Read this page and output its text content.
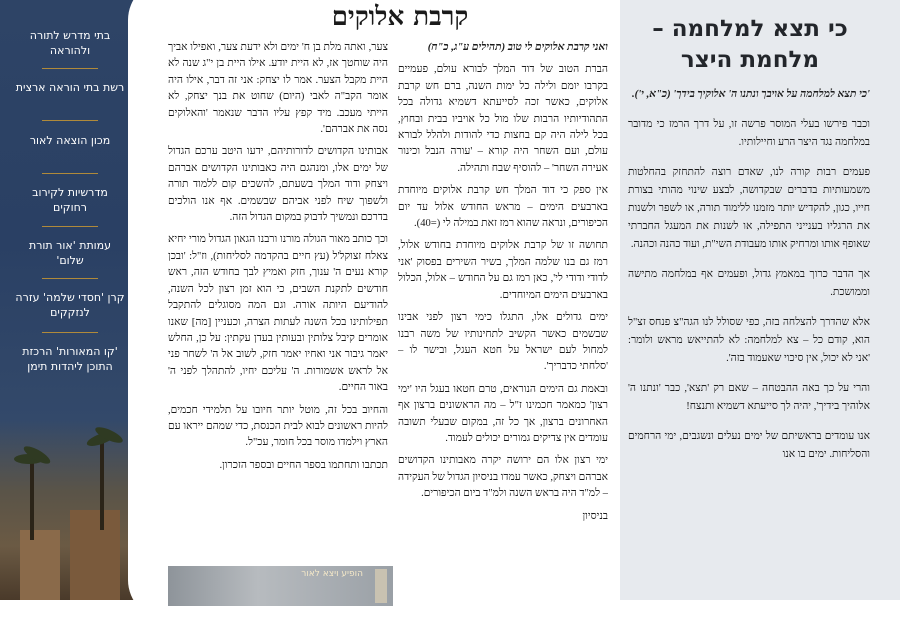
בתי מדרש לתורה ולהוראה
רשת בתי הוראה ארצית
מכון הוצאה לאור
מדרשיות לקירוב רחוקים
עמותת 'אור תורת שלום'
קרן 'חסדי שלמה' עזרה לנזקקים
'קו המאורות' הרכזת התוכן ליהדות תימן
קרבת אלוקים

ואני קרבת אלוקים לי טוב (תהילים ע"ג, כ"ח)

הברת הטוב של דוד המלך לבורא עולם, פעמיים בקרבו יומם ולילה כל ימות השנה, ברם חש קרבת אלוקים, כאשר זכה לסייעתא דשמיא גדולה בכל התהודיותיו הרבות שלו מול כל אויביו בבית ובחוץ, בכל לילה היה קם בחצות כדי להודות ולהלל לבורא עולם, ועם השחר היה קורא – 'עורה הנבל וכינור אעירה השחר' – להוסיף שבח ותהילה.

אין ספק כי דוד המלך חש קרבת אלוקים מיוחדת בארבעים הימים – מראש החודש אלול עד יום הכיפורים, ונראה שהוא רמז זאת במילה לי (=40).

תחושה זו של קרבת אלוקים מיוחדת בחודש אלול, רמז גם בנו שלמה המלך, בשיר השירים בפסוק 'אני לדודי ודודי לי', כאן רמז גם על החודש – אלול, הכלול בארבעים הימים המיוחדים.

ימים גדולים אלו, התגלו כימי רצון לפני אבינו שבשמים כאשר הקשיב לתחינותיו של משה רבנו למחול לעם ישראל על חטא העגל, ובישר לו – 'סלחתי כדבריך'.

ובאמת גם הימים הנוראים, טרם חטאו בעגל היו 'ימי רצון' כמאמר חכמינו ז"ל – מה הראשונים ברצון אף האחרונים ברצון, אך כל זה, במקום שבעלי תשובה עומדים אין צדיקים גמורים יכולים לעמוד.

ימי רצון אלו הם ירושה יקרה מאבותינו הקדושים אברהם ויצחק, כאשר עמדו בניסיון הגדול של העקידה – למ"ד היה בראש השנה ולמ"ד ביום הכיפורים.

בניסיון

צער, ואתה מלת בן ח' ימים ולא ידעת צער, ואפילו אביך היה שוחטך אז, לא היית יודע. אילו היית בן י"ג שנה לא היית מקבל הצער. אמר לו יצחק: אני זה דבר, אילו היה אומר הקב"ה לאבי (היום) שחוט את בנך יצחק, לא הייתי מעכב. מיד קפץ עליו הדבר שנאמר 'והאלוקים נסה את אברהם'.

אבותינו הקדושים לדורותיהם, ידעו היטב ערכם הגדול של ימים אלו, ומנהגם היה כאבותינו הקדושים אברהם ויצחק ודוד המלך בשעתם, להשכים קום ללמוד תורה ולשפוך שיח לפני אביהם שבשמים. אף אנו הולכים בדרכם ונמשיך לדבוק במקום הגדול הזה.

וכך כותב מאור הגולה מורנו ורבנו הגאון הגדול מורי יחיא צאלח זצוקל'ל (עץ חיים בהקדמה לסליחות), וז"ל: 'ובכן קורא נעים ה' ענוך, חזק ואמיץ לבך בחודש הזה, ראש חודשים לתקנת השבים, כי הוא זמן רצון לכל השנה, להודיעם היותה אורה. וגם המה מסוגלים להתקבל תפילותינו בכל השנה לעתות הצרה, וכעניין [מה] שאנו אומרים קיבל צלותין ובעותין בעדן עקתין: על כן, החלש יאמר גיבור אני ואחיו יאמר חזק, לשוב אל ה' לשחר פני אל לראש אשמורות. ה' עליכם יחיו, להתהלך לפני ה' באור החיים.

והחיוב בכל זה, מוטל יותר חיובו על תלמידי חכמים, להיות ראשונים לבוא לבית הכנסת, כדי שמהם ייראו עם הארץ וילמדו מוסר בכל חומר, עכ"ל.

תכתבו ותחתמו בספר החיים ובספר הזכרון.

הופיע ויצא לאור
כי תצא למלחמה –
מלחמת היצר

'כי תצא למלחמה על אויבך ונתנו ה' אלוקיך בידך' (כ"א, י').

וכבר פירשו בעלי המוסר פרשה זו, על דרך הרמז כי מדובר במלחמה נגד היצר הרע וחיילותיו.

פעמים רבות קורה לנו, שאדם רוצה להתחזק בהחלטות משמעותיות בדברים שבקדושה, לבצע שינוי מהותי בצורת חייו, כגון, להקדיש יותר מזמנו ללימוד תורה, או לשפר ולשנות את הרגליו בענייני התפילה, או לשנות את המעגל החברתי שאופף אותו ומרחיק אותו מעבודת השי"ת, ועוד כהנה וכהנה.

אך הדבר כרוך במאמץ גדול, ופעמים אף במלחמה מתישה וממושכת.

אלא שהדרך להצלחה בזה, כפי שסולל לנו הגה"צ פנחס זצ"ל הוא, קודם כל – צא למלחמה: לא להתייאש מראש ולומר: 'אני לא יכול, אין סיכוי שאעמוד בזה'.

והרי על כך באה ההבטחה – שאם רק 'תצא', כבר 'ונתנו ה' אלוהיך בידיך', יהיה לך סייעתא דשמיא ותנצח!

אנו עומדים בראשיתם של ימים נעלים ונשגבים, ימי הרחמים והסליחות. ימים בו אנו
